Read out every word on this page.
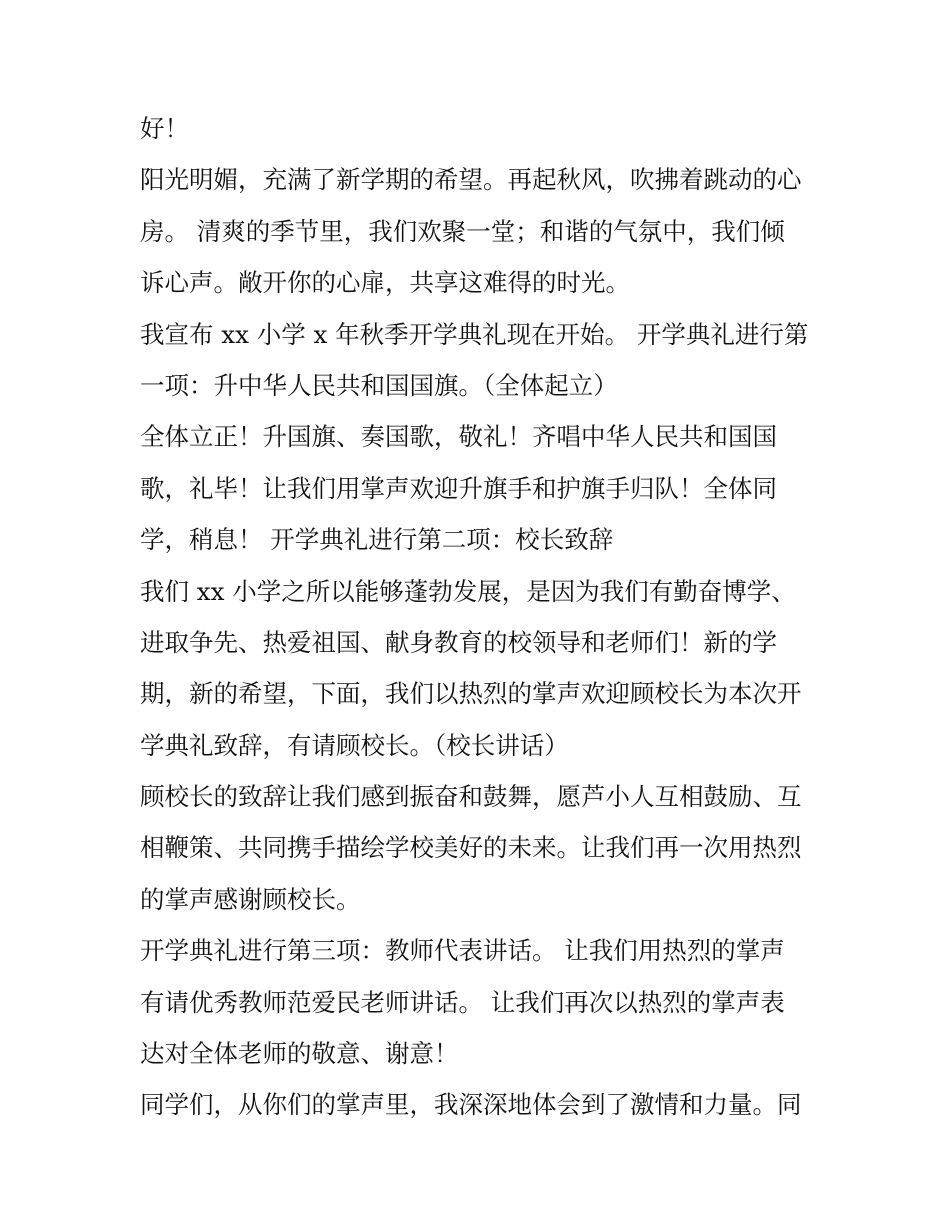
好！

阳光明媚，充满了新学期的希望。再起秋风，吹拂着跳动的心

房。 清爽的季节里，我们欢聚一堂；和谐的气氛中，我们倾

诉心声。敞开你的心扉，共享这难得的时光。

我宣布 xx 小学 x 年秋季开学典礼现在开始。 开学典礼进行第

一项：升中华人民共和国国旗。（全体起立）

全体立正！升国旗、奏国歌，敬礼！齐唱中华人民共和国国

歌，礼毕！让我们用掌声欢迎升旗手和护旗手归队！全体同

学，稍息！ 开学典礼进行第二项：校长致辞

我们 xx 小学之所以能够蓬勃发展，是因为我们有勤奋博学、

进取争先、热爱祖国、献身教育的校领导和老师们！新的学

期，新的希望，下面，我们以热烈的掌声欢迎顾校长为本次开

学典礼致辞，有请顾校长。（校长讲话）

顾校长的致辞让我们感到振奋和鼓舞，愿芦小人互相鼓励、互

相鞭策、共同携手描绘学校美好的未来。让我们再一次用热烈

的掌声感谢顾校长。

开学典礼进行第三项：教师代表讲话。 让我们用热烈的掌声

有请优秀教师范爱民老师讲话。 让我们再次以热烈的掌声表

达对全体老师的敬意、谢意！

同学们，从你们的掌声里，我深深地体会到了激情和力量。同
